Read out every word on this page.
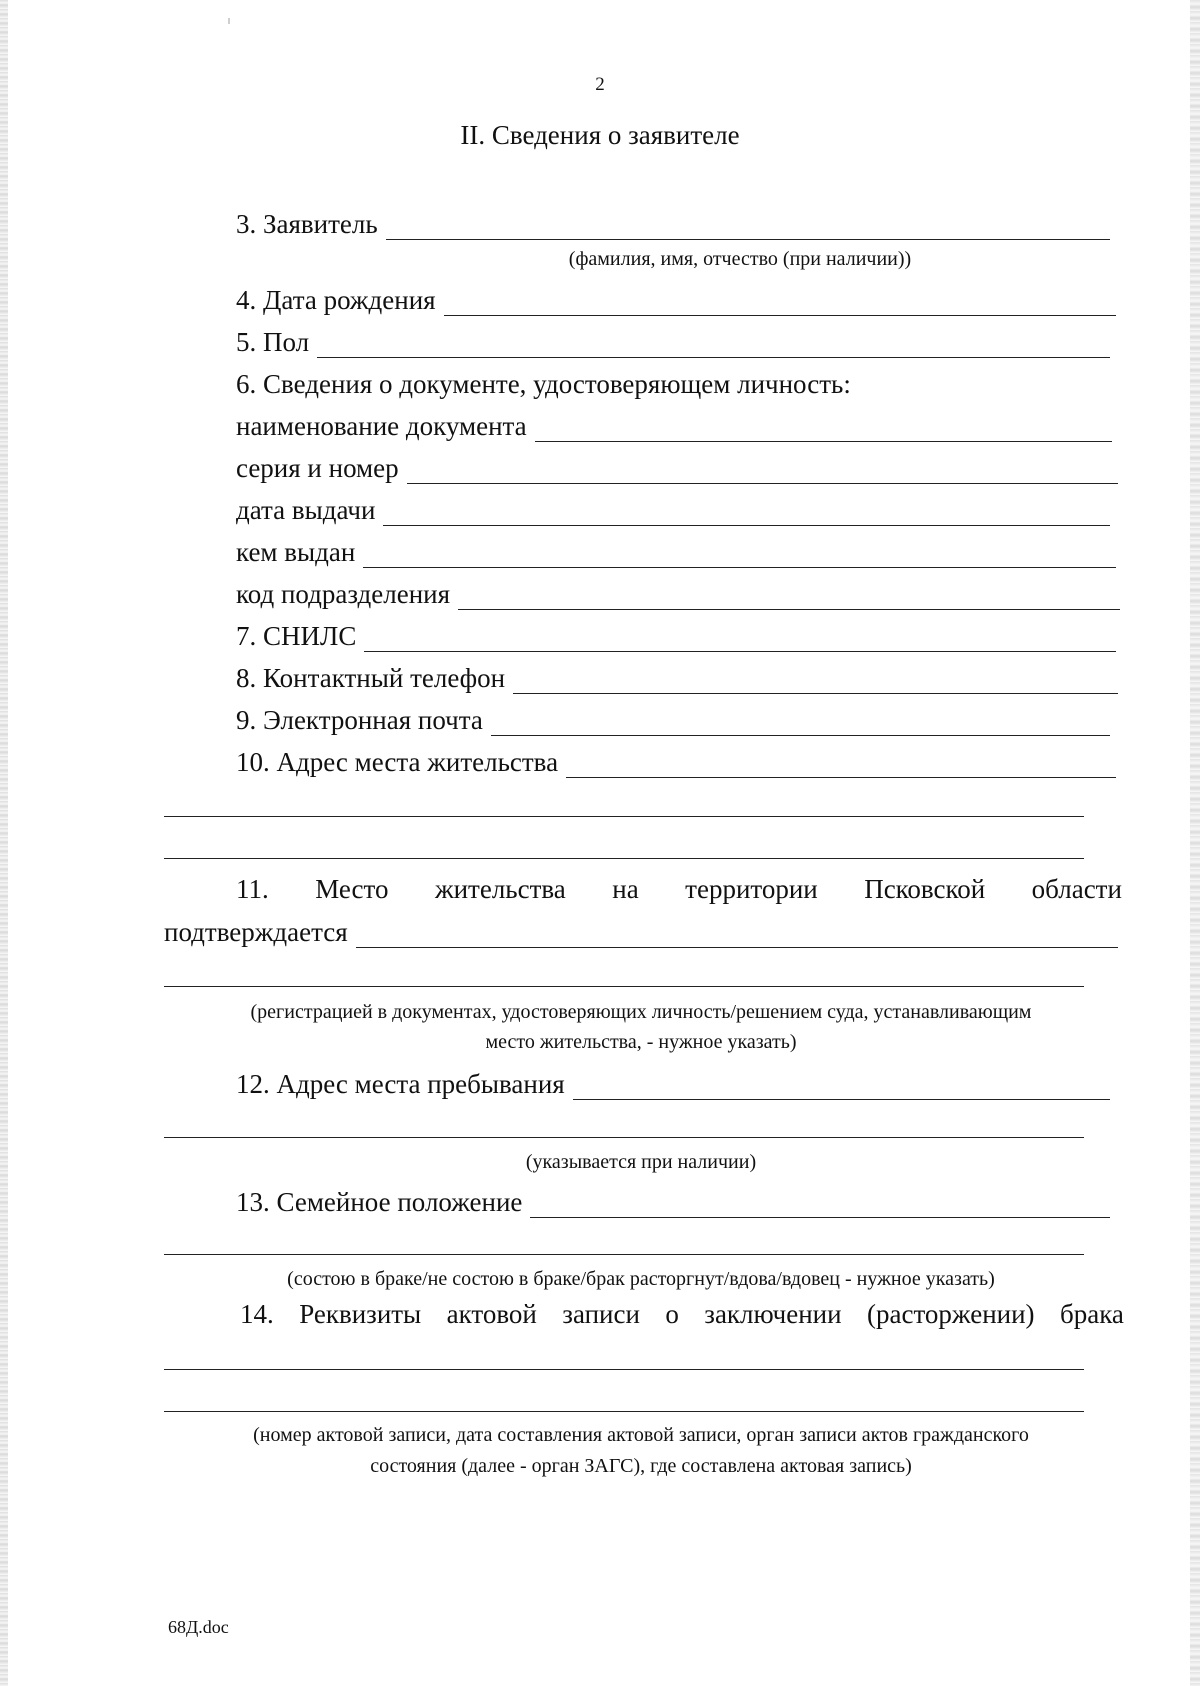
2
II. Сведения о заявителе
3. Заявитель
(фамилия, имя, отчество (при наличии))
4. Дата рождения
5. Пол
6. Сведения о документе, удостоверяющем личность:
наименование документа
серия и номер
дата выдачи
кем выдан
код подразделения
7. СНИЛС
8. Контактный телефон
9. Электронная почта
10. Адрес места жительства
11. Место жительства на территории Псковской области
подтверждается
(регистрацией в документах, удостоверяющих личность/решением суда, устанавливающим
место жительства, - нужное указать)
12. Адрес места пребывания
(указывается при наличии)
13. Семейное положение
(состою в браке/не состою в браке/брак расторгнут/вдова/вдовец - нужное указать)
14. Реквизиты актовой записи о заключении (расторжении) брака
(номер актовой записи, дата составления актовой записи, орган записи актов гражданского
состояния (далее - орган ЗАГС), где составлена актовая запись)
68Д.doc
